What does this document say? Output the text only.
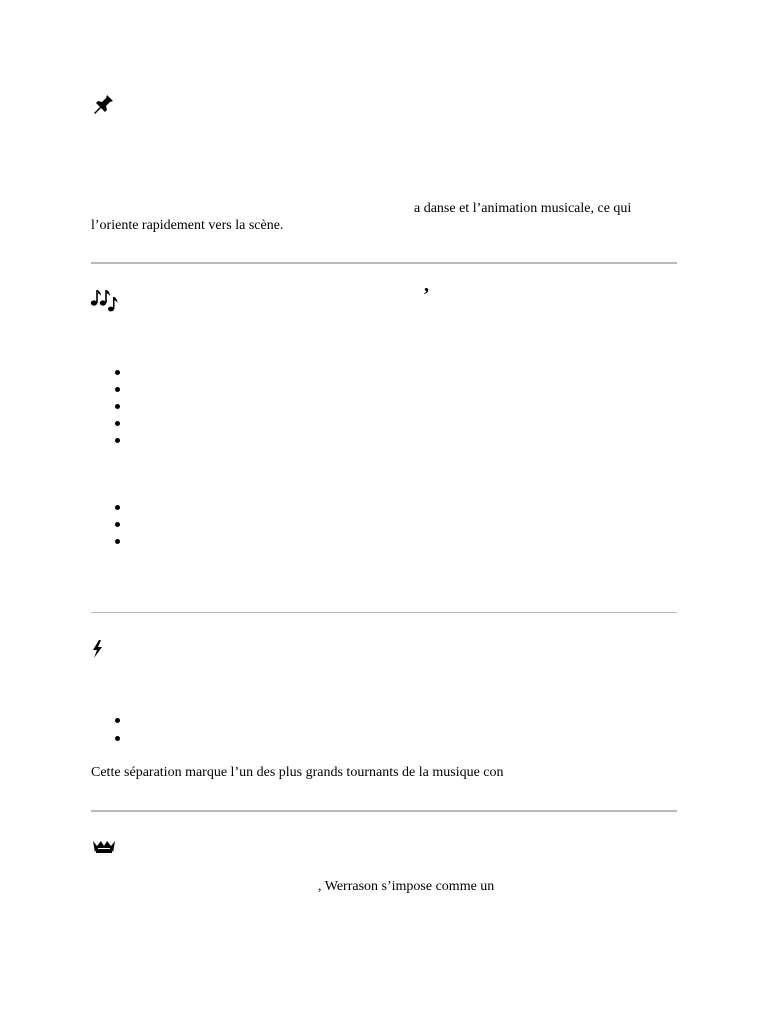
a danse et l’animation musicale, ce qui
l’oriente rapidement vers la scène.
’
Cette séparation marque l’un des plus grands tournants de la musique con
, Werrason s’impose comme un
